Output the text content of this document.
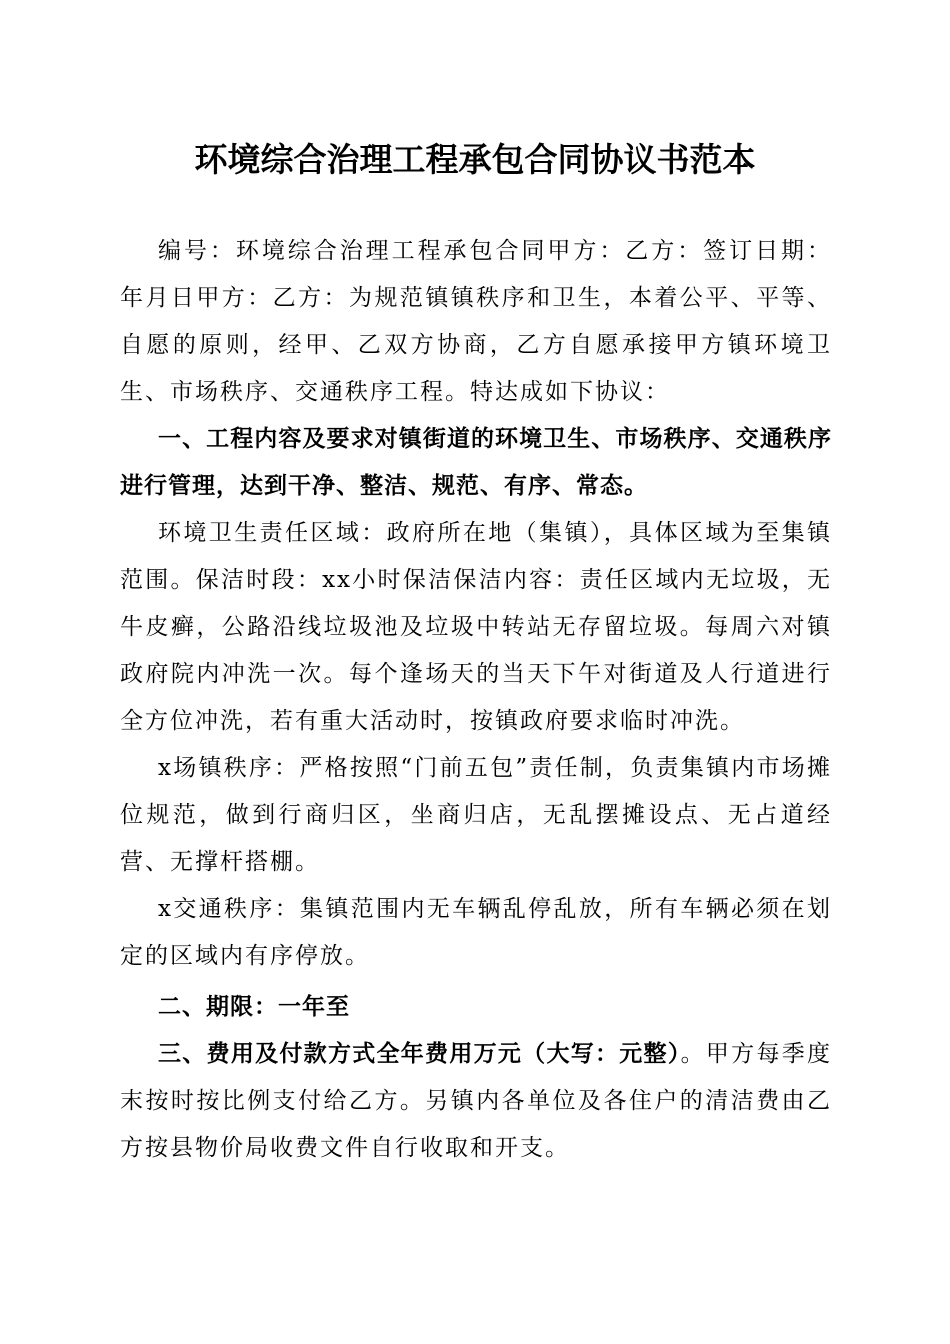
环境综合治理工程承包合同协议书范本

编号：环境综合治理工程承包合同甲方：乙方：签订日期：年月日甲方：乙方：为规范镇镇秩序和卫生，本着公平、平等、自愿的原则，经甲、乙双方协商，乙方自愿承接甲方镇环境卫生、市场秩序、交通秩序工程。特达成如下协议：

一、工程内容及要求对镇街道的环境卫生、市场秩序、交通秩序进行管理，达到干净、整洁、规范、有序、常态。

环境卫生责任区域：政府所在地（集镇），具体区域为至集镇范围。保洁时段：xx小时保洁保洁内容：责任区域内无垃圾，无牛皮癣，公路沿线垃圾池及垃圾中转站无存留垃圾。每周六对镇政府院内冲洗一次。每个逢场天的当天下午对街道及人行道进行全方位冲洗，若有重大活动时，按镇政府要求临时冲洗。

x场镇秩序：严格按照“门前五包”责任制，负责集镇内市场摊位规范，做到行商归区，坐商归店，无乱摆摊设点、无占道经营、无撑杆搭棚。

x交通秩序：集镇范围内无车辆乱停乱放，所有车辆必须在划定的区域内有序停放。

二、期限：一年至

三、费用及付款方式全年费用万元（大写：元整）。甲方每季度末按时按比例支付给乙方。另镇内各单位及各住户的清洁费由乙方按县物价局收费文件自行收取和开支。
